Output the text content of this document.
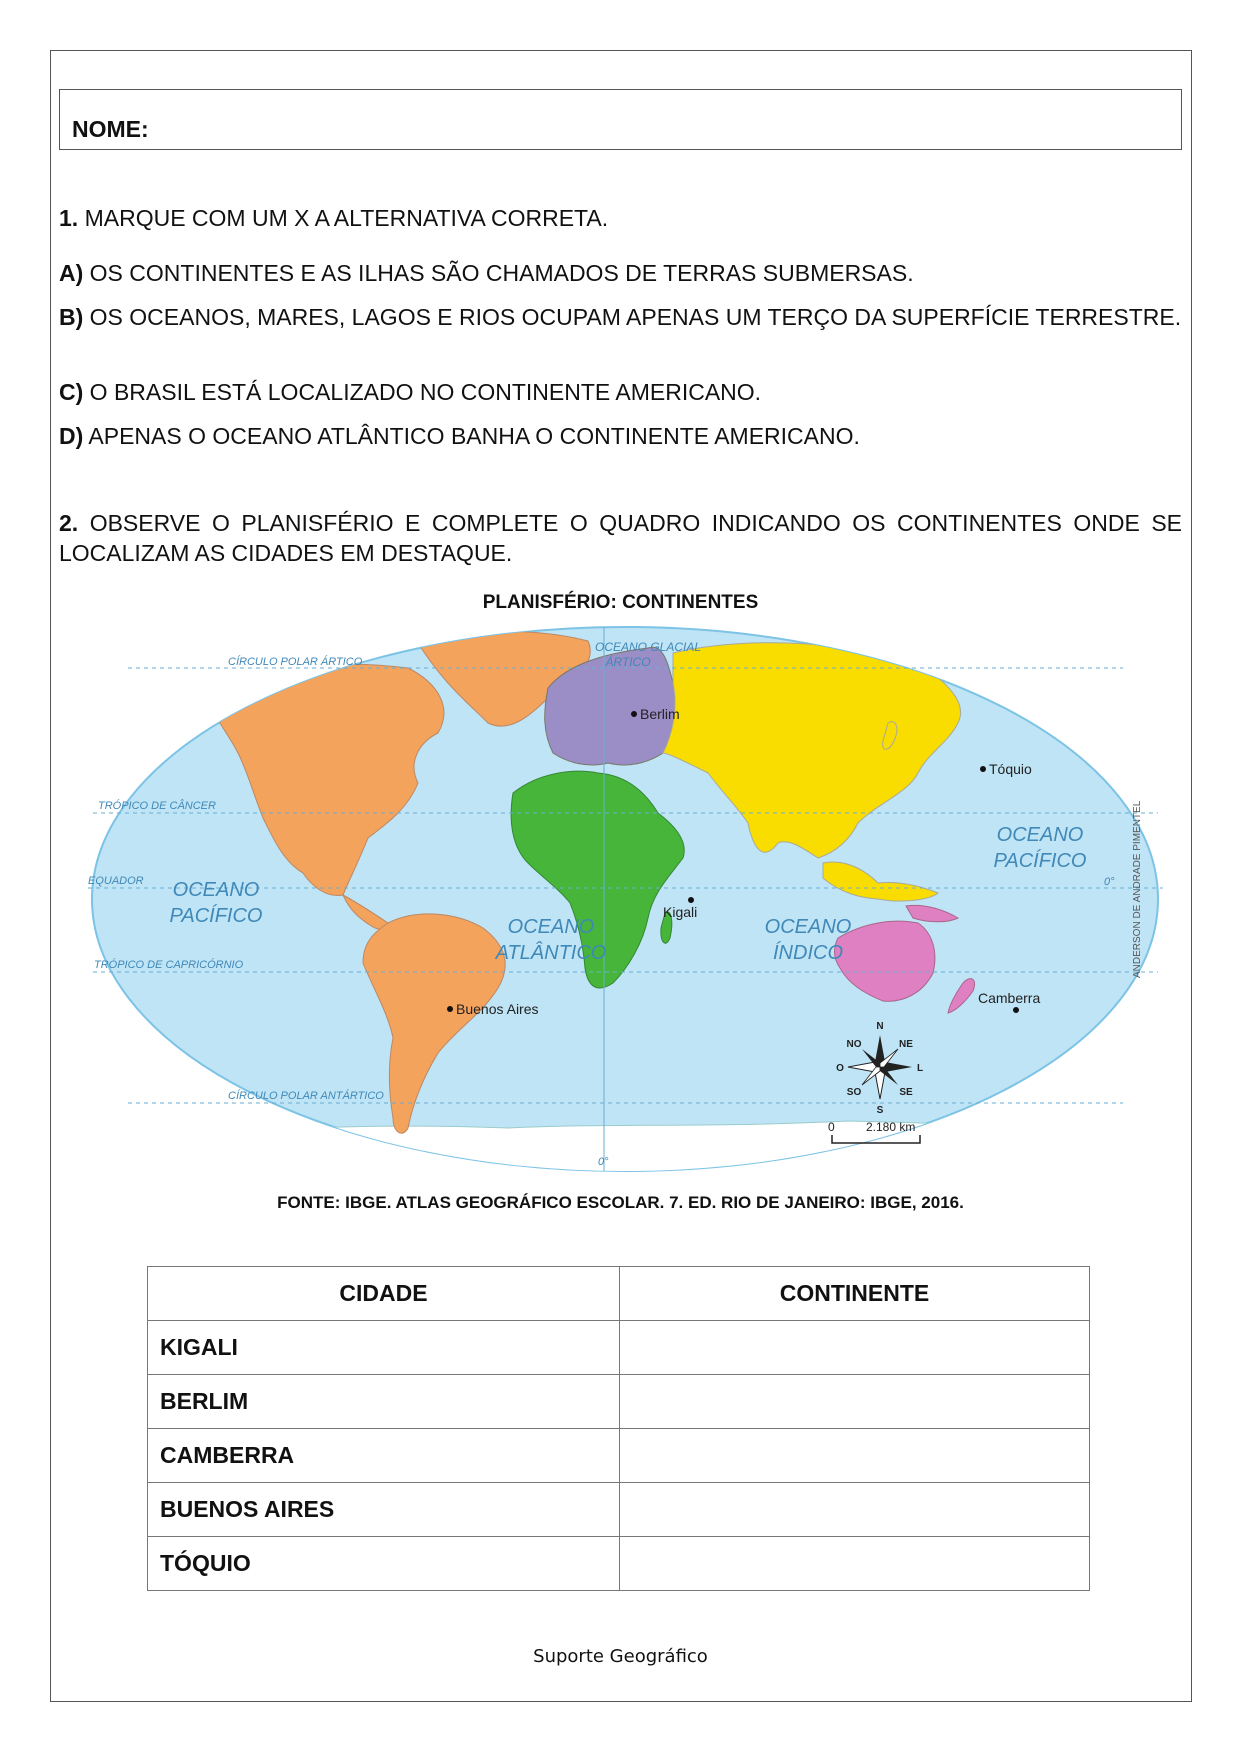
NOME:
1. MARQUE COM UM X A ALTERNATIVA CORRETA.
A) OS CONTINENTES E AS ILHAS SÃO CHAMADOS DE TERRAS SUBMERSAS.
B) OS OCEANOS, MARES, LAGOS E RIOS OCUPAM APENAS UM TERÇO DA SUPERFÍCIE TERRESTRE.
C) O BRASIL ESTÁ LOCALIZADO NO CONTINENTE AMERICANO.
D) APENAS O OCEANO ATLÂNTICO BANHA O CONTINENTE AMERICANO.
2. OBSERVE O PLANISFÉRIO E COMPLETE O QUADRO INDICANDO OS CONTINENTES ONDE SE LOCALIZAM AS CIDADES EM DESTAQUE.
PLANISFÉRIO: CONTINENTES
CÍRCULO POLAR ÁRTICO
TRÓPICO DE CÂNCER
EQUADOR
TRÓPICO DE CAPRICÓRNIO
CÍRCULO POLAR ANTÁRTICO
0°
0°
OCEANO GLACIAL
ÁRTICO
OCEANO
PACÍFICO	OCEANO
ATLÂNTICO
OCEANO
ÍNDICO
OCEANO
PACÍFICO
Berlim
Tóquio
Kigali
Buenos Aires
Camberra
N
S
L
O
NE
NO
SE
SO
0	2.180 km
ANDERSON DE ANDRADE PIMENTEL
FONTE: IBGE. ATLAS GEOGRÁFICO ESCOLAR. 7. ED. RIO DE JANEIRO: IBGE, 2016.
CIDADE	CONTINENTE
KIGALI	
BERLIM	
CAMBERRA	
BUENOS AIRES	
TÓQUIO	
Suporte Geográfico
